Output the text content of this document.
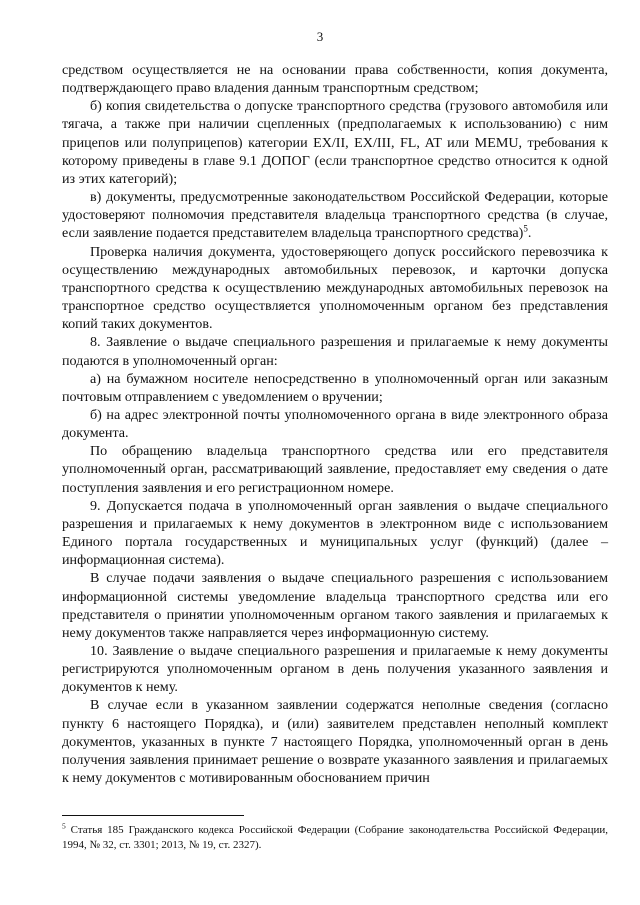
3

средством осуществляется не на основании права собственности, копия документа, подтверждающего право владения данным транспортным средством;

б) копия свидетельства о допуске транспортного средства (грузового автомобиля или тягача, а также при наличии сцепленных (предполагаемых к использованию) с ним прицепов или полуприцепов) категории EX/II, EX/III, FL, AT или MEMU, требования к которому приведены в главе 9.1 ДОПОГ (если транспортное средство относится к одной из этих категорий);

в) документы, предусмотренные законодательством Российской Федерации, которые удостоверяют полномочия представителя владельца транспортного средства (в случае, если заявление подается представителем владельца транспортного средства)$^5$.

Проверка наличия документа, удостоверяющего допуск российского перевозчика к осуществлению международных автомобильных перевозок, и карточки допуска транспортного средства к осуществлению международных автомобильных перевозок на транспортное средство осуществляется уполномоченным органом без представления копий таких документов.

8. Заявление о выдаче специального разрешения и прилагаемые к нему документы подаются в уполномоченный орган:

а) на бумажном носителе непосредственно в уполномоченный орган или заказным почтовым отправлением с уведомлением о вручении;

б) на адрес электронной почты уполномоченного органа в виде электронного образа документа.

По обращению владельца транспортного средства или его представителя уполномоченный орган, рассматривающий заявление, предоставляет ему сведения о дате поступления заявления и его регистрационном номере.

9. Допускается подача в уполномоченный орган заявления о выдаче специального разрешения и прилагаемых к нему документов в электронном виде с использованием Единого портала государственных и муниципальных услуг (функций) (далее – информационная система).

В случае подачи заявления о выдаче специального разрешения с использованием информационной системы уведомление владельца транспортного средства или его представителя о принятии уполномоченным органом такого заявления и прилагаемых к нему документов также направляется через информационную систему.

10. Заявление о выдаче специального разрешения и прилагаемые к нему документы регистрируются уполномоченным органом в день получения указанного заявления и документов к нему.

В случае если в указанном заявлении содержатся неполные сведения (согласно пункту 6 настоящего Порядка), и (или) заявителем представлен неполный комплект документов, указанных в пункте 7 настоящего Порядка, уполномоченный орган в день получения заявления принимает решение о возврате указанного заявления и прилагаемых к нему документов с мотивированным обоснованием причин

$^5$ Статья 185 Гражданского кодекса Российской Федерации (Собрание законодательства Российской Федерации, 1994, № 32, ст. 3301; 2013, № 19, ст. 2327).
